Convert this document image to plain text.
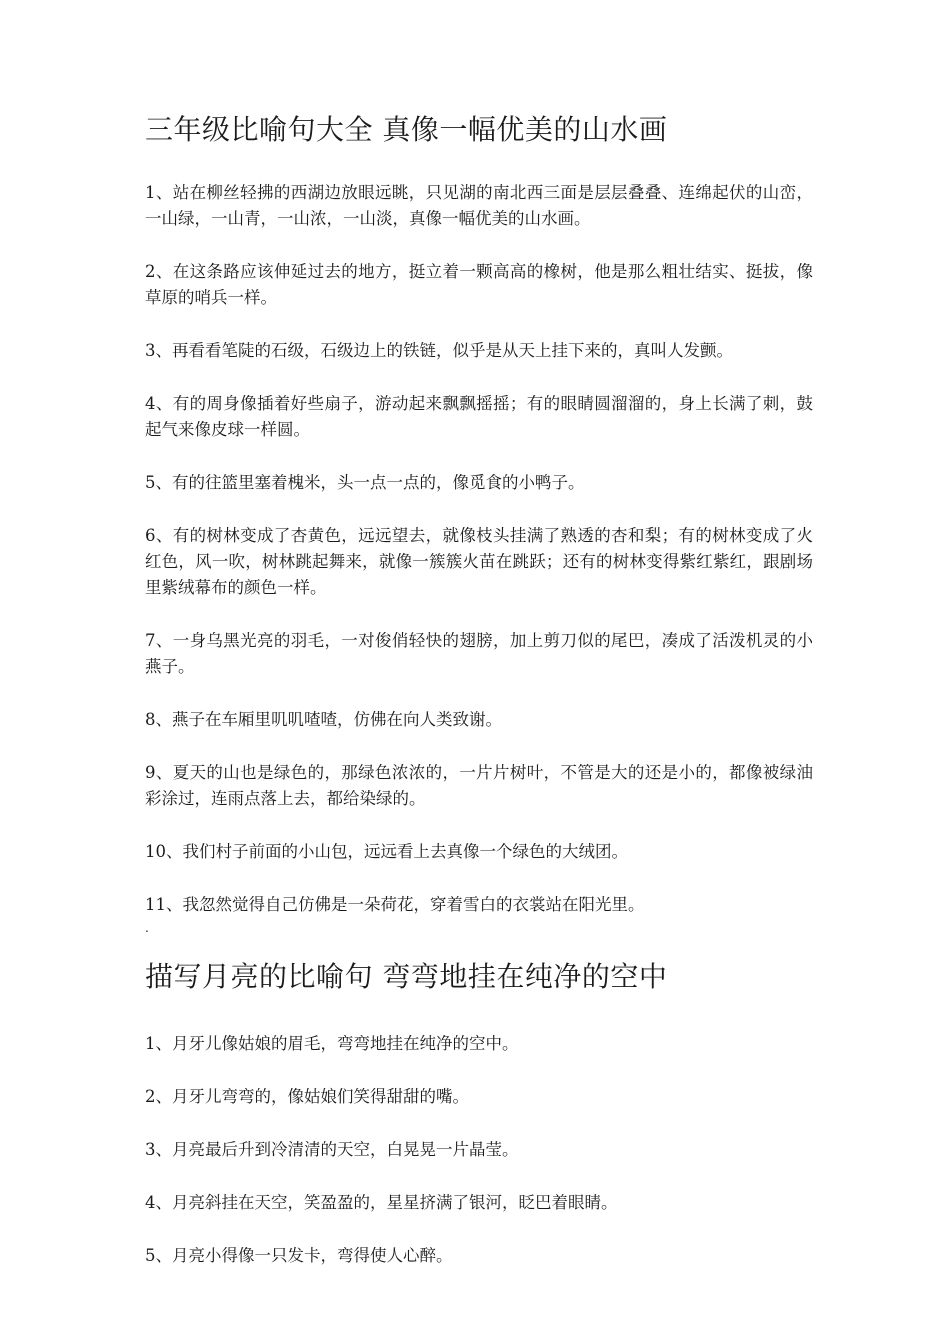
三年级比喻句大全 真像一幅优美的山水画

1、站在柳丝轻拂的西湖边放眼远眺，只见湖的南北西三面是层层叠叠、连绵起伏的山峦，一山绿，一山青，一山浓，一山淡，真像一幅优美的山水画。

2、在这条路应该伸延过去的地方，挺立着一颗高高的橡树，他是那么粗壮结实、挺拔，像草原的哨兵一样。

3、再看看笔陡的石级，石级边上的铁链，似乎是从天上挂下来的，真叫人发颤。

4、有的周身像插着好些扇子，游动起来飘飘摇摇；有的眼睛圆溜溜的，身上长满了刺，鼓起气来像皮球一样圆。

5、有的往篮里塞着槐米，头一点一点的，像觅食的小鸭子。

6、有的树林变成了杏黄色，远远望去，就像枝头挂满了熟透的杏和梨；有的树林变成了火红色，风一吹，树林跳起舞来，就像一簇簇火苗在跳跃；还有的树林变得紫红紫红，跟剧场里紫绒幕布的颜色一样。

7、一身乌黑光亮的羽毛，一对俊俏轻快的翅膀，加上剪刀似的尾巴，凑成了活泼机灵的小燕子。

8、燕子在车厢里叽叽喳喳，仿佛在向人类致谢。

9、夏天的山也是绿色的，那绿色浓浓的，一片片树叶，不管是大的还是小的，都像被绿油彩涂过，连雨点落上去，都给染绿的。

10、我们村子前面的小山包，远远看上去真像一个绿色的大绒团。

11、我忽然觉得自己仿佛是一朵荷花，穿着雪白的衣裳站在阳光里。

.
描写月亮的比喻句 弯弯地挂在纯净的空中

1、月牙儿像姑娘的眉毛，弯弯地挂在纯净的空中。

2、月牙儿弯弯的，像姑娘们笑得甜甜的嘴。

3、月亮最后升到冷清清的天空，白晃晃一片晶莹。

4、月亮斜挂在天空，笑盈盈的，星星挤满了银河，眨巴着眼睛。

5、月亮小得像一只发卡，弯得使人心醉。
